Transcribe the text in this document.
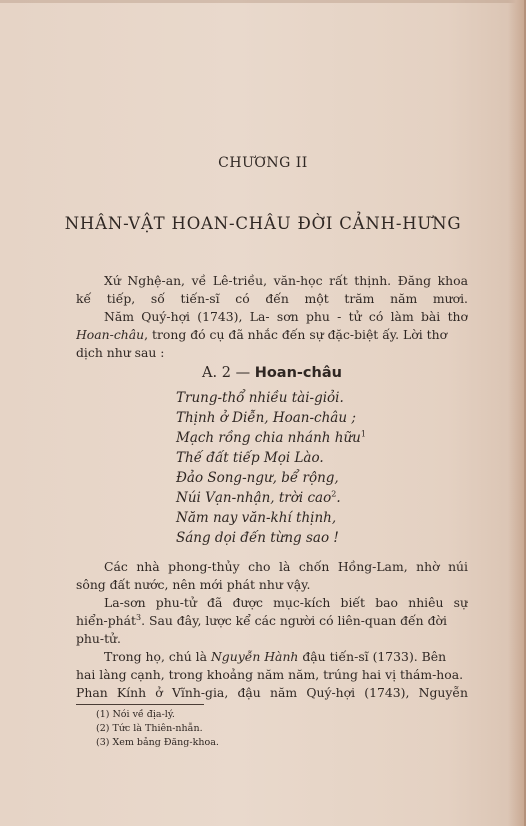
CHƯƠNG II
NHÂN-VẬT HOAN-CHÂU ĐỜI CẢNH-HƯNG
Xứ Nghệ-an, về Lê-triều, văn-học rất thịnh. Đăng khoa
kế tiếp, số tiến-sĩ có đến một trăm năm mươi.
Năm Quý-hợi (1743), La- sơn phu - tử có làm bài thơ
Hoan-châu, trong đó cụ đã nhắc đến sự đặc-biệt ấy. Lời thơ
dịch như sau :
A. 2 — Hoan-châu
Trung-thổ nhiều tài-giỏi.
Thịnh ở Diễn, Hoan-châu ;
Mạch rồng chia nhánh hữu$^1$
Thế đất tiếp Mọi Lào.
Đảo Song-ngư, bể rộng,
Núi Vạn-nhận, trời cao$^2$.
Năm nay văn-khí thịnh,
Sáng dọi đến từng sao !
Các nhà phong-thủy cho là chốn Hồng-Lam, nhờ núi
sông đất nước, nên mới phát như vậy.
La-sơn phu-tử đã được mục-kích biết bao nhiêu sự
hiển-phát$^3$. Sau đây, lược kể các người có liên-quan đến đời
phu-tử.
Trong họ, chú là Nguyễn Hành đậu tiến-sĩ (1733). Bên
hai làng cạnh, trong khoảng năm năm, trúng hai vị thám-hoa.
Phan Kính ở Vĩnh-gia, đậu năm Quý-hợi (1743), Nguyễn
(1) Nói về địa-lý.
(2) Tức là Thiên-nhẫn.
(3) Xem bảng Đăng-khoa.
